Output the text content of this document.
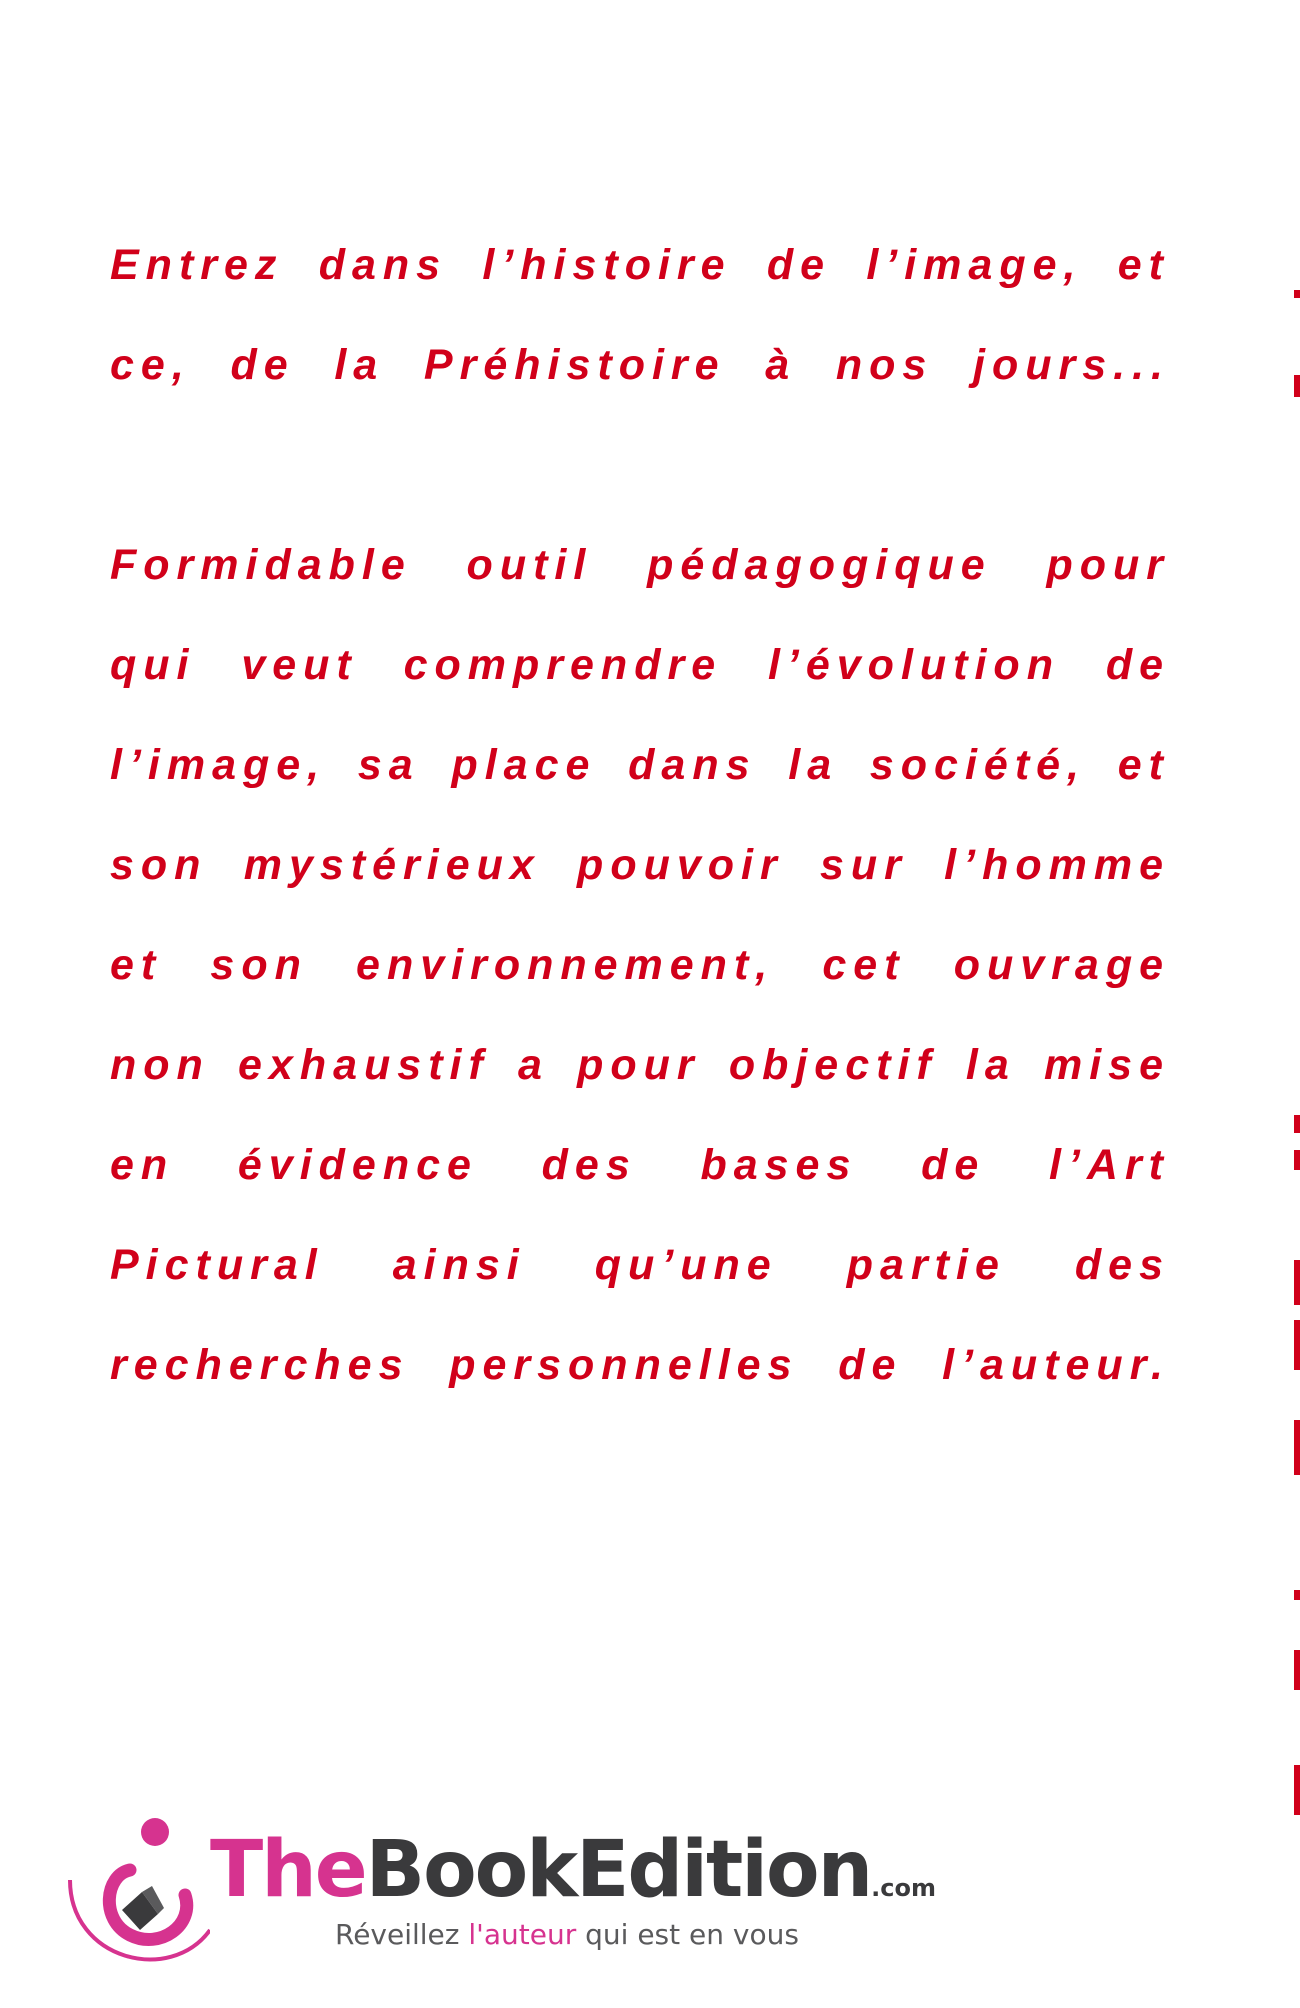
Entrez dans l’histoire de l’image, et
ce, de la Préhistoire à nos jours...
Formidable outil pédagogique pour
qui veut comprendre l’évolution de
l’image, sa place dans la société, et
son mystérieux pouvoir sur l’homme
et son environnement, cet ouvrage
non exhaustif a pour objectif la mise
en évidence des bases de l’Art
Pictural ainsi qu’une partie des
recherches personnelles de l’auteur.
TheBookEdition.com
Réveillez l'auteur qui est en vous
